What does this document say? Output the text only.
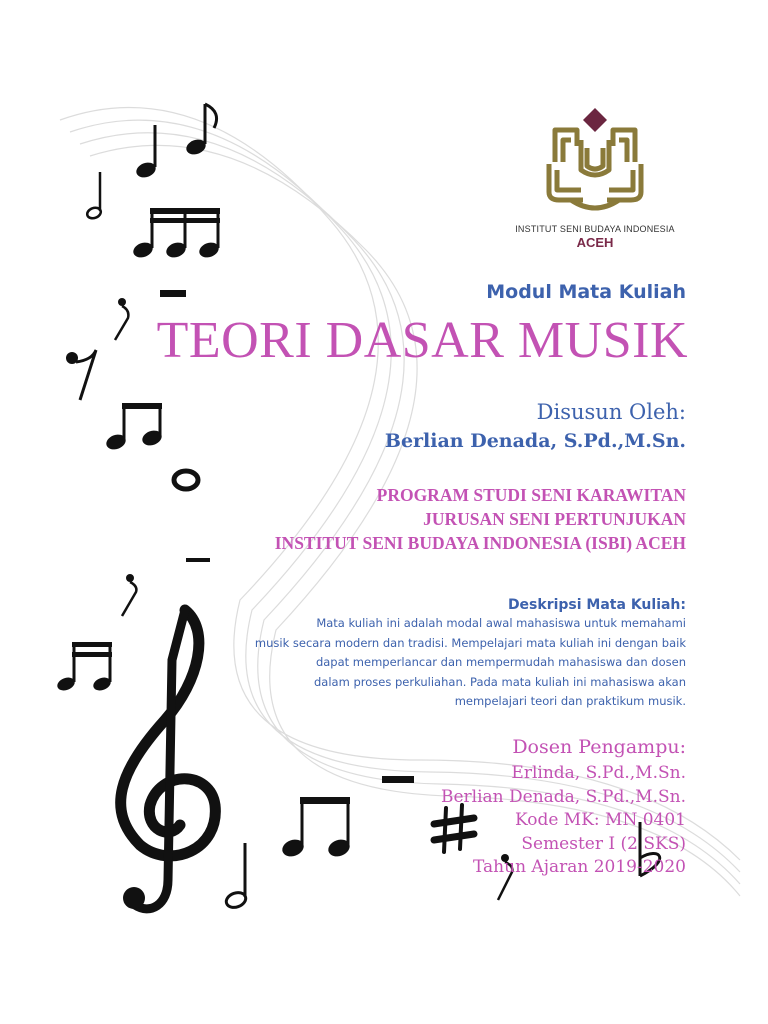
INSTITUT SENI BUDAYA INDONESIA
ACEH
Modul Mata Kuliah
TEORI DASAR MUSIK
Disusun Oleh:
Berlian Denada, S.Pd.,M.Sn.
PROGRAM STUDI SENI KARAWITAN
JURUSAN SENI PERTUNJUKAN
INSTITUT SENI BUDAYA INDONESIA (ISBI) ACEH
Deskripsi Mata Kuliah:
Mata kuliah ini adalah modal awal mahasiswa untuk memahami
musik secara modern dan tradisi. Mempelajari mata kuliah ini dengan baik
dapat memperlancar dan mempermudah mahasiswa dan dosen
dalam proses perkuliahan. Pada mata kuliah ini mahasiswa akan
mempelajari teori dan praktikum musik.
Dosen Pengampu:
Erlinda, S.Pd.,M.Sn.
Berlian Denada, S.Pd.,M.Sn.
Kode MK: MN 0401
Semester I (2 SKS)
Tahun Ajaran 2019-2020
